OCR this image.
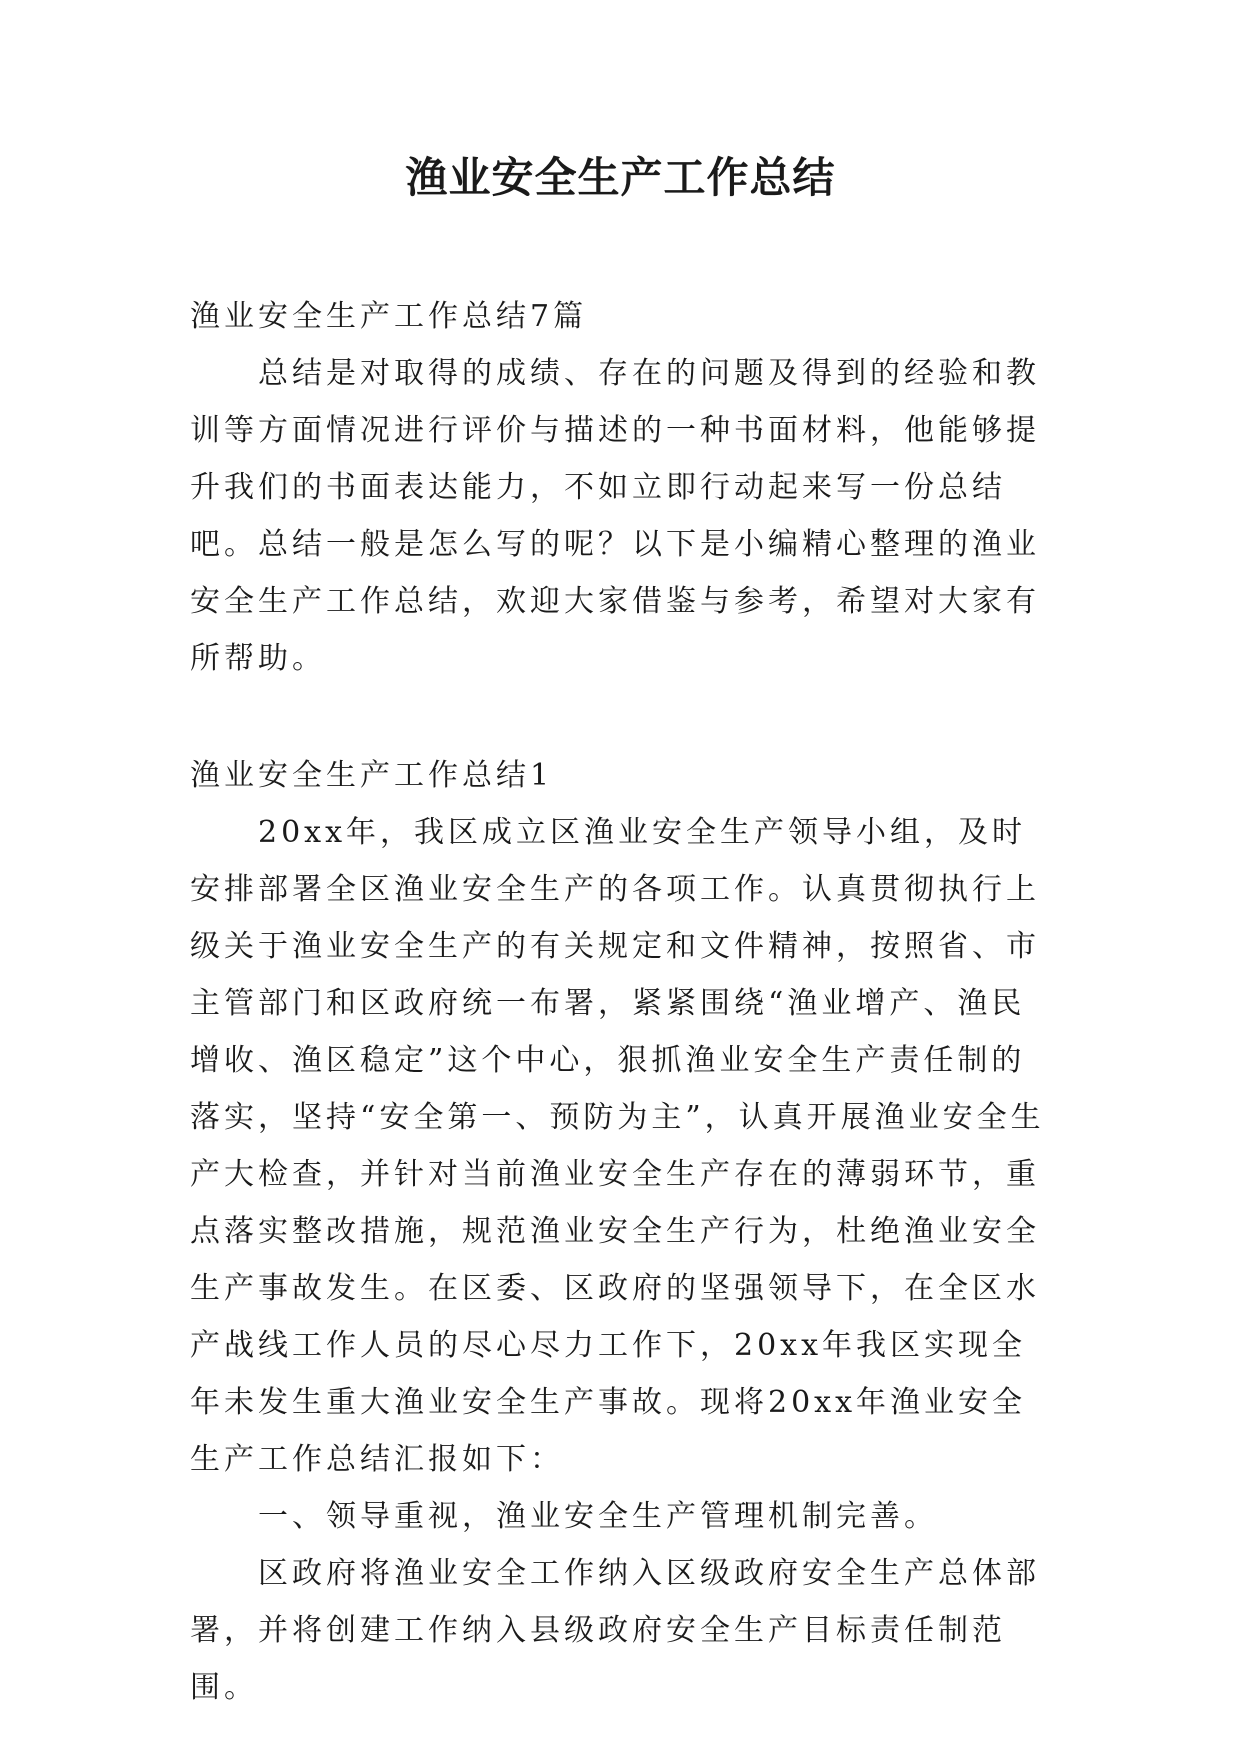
渔业安全生产工作总结

渔业安全生产工作总结7篇

总结是对取得的成绩、存在的问题及得到的经验和教训等方面情况进行评价与描述的一种书面材料，他能够提升我们的书面表达能力，不如立即行动起来写一份总结吧。总结一般是怎么写的呢？以下是小编精心整理的渔业安全生产工作总结，欢迎大家借鉴与参考，希望对大家有所帮助。

渔业安全生产工作总结1

20xx年，我区成立区渔业安全生产领导小组，及时安排部署全区渔业安全生产的各项工作。认真贯彻执行上级关于渔业安全生产的有关规定和文件精神，按照省、市主管部门和区政府统一布署，紧紧围绕“渔业增产、渔民增收、渔区稳定”这个中心，狠抓渔业安全生产责任制的落实，坚持“安全第一、预防为主”，认真开展渔业安全生产大检查，并针对当前渔业安全生产存在的薄弱环节，重点落实整改措施，规范渔业安全生产行为，杜绝渔业安全生产事故发生。在区委、区政府的坚强领导下，在全区水产战线工作人员的尽心尽力工作下，20xx年我区实现全年未发生重大渔业安全生产事故。现将20xx年渔业安全生产工作总结汇报如下：

一、领导重视，渔业安全生产管理机制完善。

区政府将渔业安全工作纳入区级政府安全生产总体部署，并将创建工作纳入县级政府安全生产目标责任制范围。
